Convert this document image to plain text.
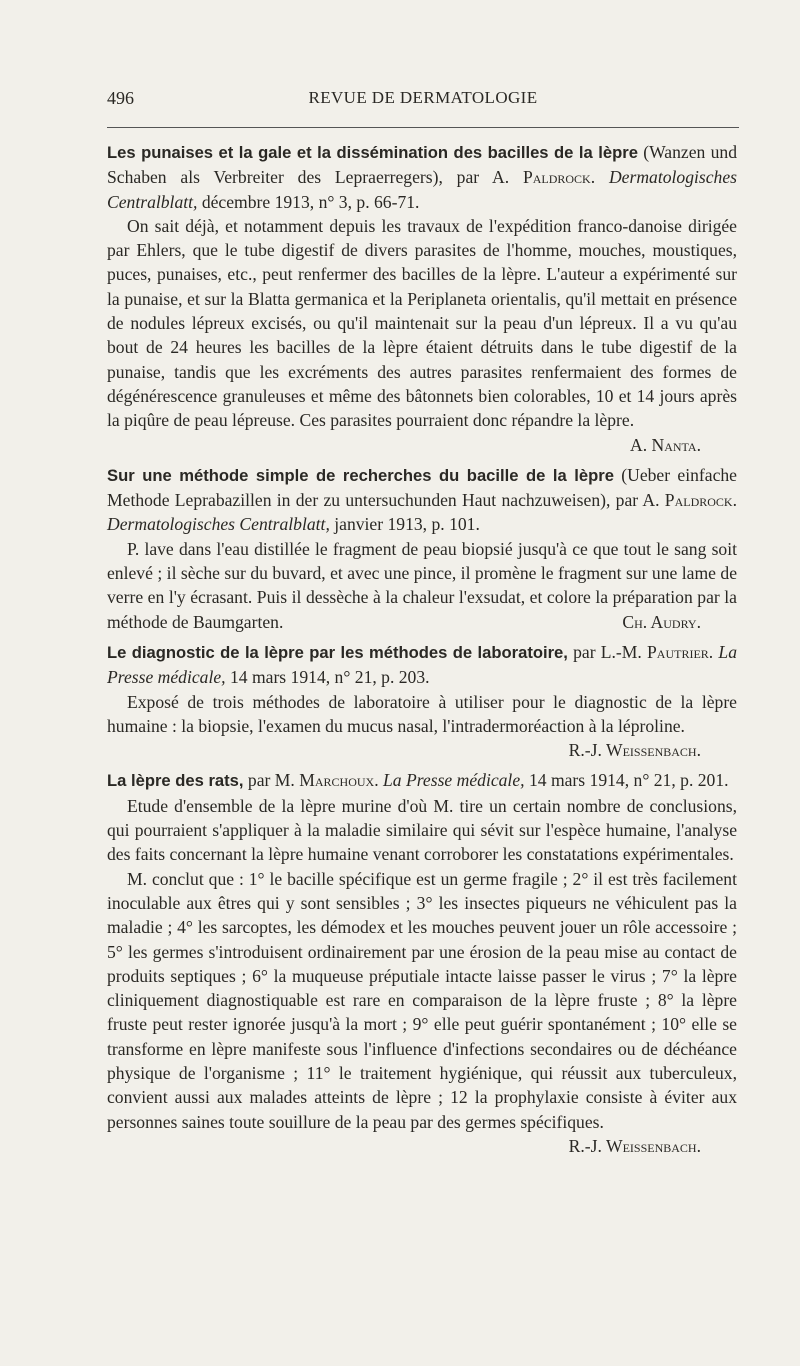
496	REVUE DE DERMATOLOGIE

Les punaises et la gale et la dissémination des bacilles de la lèpre (Wanzen und Schaben als Verbreiter des Lepraerregers), par A. Paldrock. Dermatologisches Centralblatt, décembre 1913, n° 3, p. 66-71.

On sait déjà, et notamment depuis les travaux de l'expédition franco-danoise dirigée par Ehlers, que le tube digestif de divers parasites de l'homme, mouches, moustiques, puces, punaises, etc., peut renfermer des bacilles de la lèpre. L'auteur a expérimenté sur la punaise, et sur la Blatta germanica et la Periplaneta orientalis, qu'il mettait en présence de nodules lépreux excisés, ou qu'il maintenait sur la peau d'un lépreux. Il a vu qu'au bout de 24 heures les bacilles de la lèpre étaient détruits dans le tube digestif de la punaise, tandis que les excréments des autres parasites renfermaient des formes de dégénérescence granuleuses et même des bâtonnets bien colorables, 10 et 14 jours après la piqûre de peau lépreuse. Ces parasites pourraient donc répandre la lèpre.
A. Nanta.

Sur une méthode simple de recherches du bacille de la lèpre (Ueber einfache Methode Leprabazillen in der zu untersuchunden Haut nachzuweisen), par A. Paldrock. Dermatologisches Centralblatt, janvier 1913, p. 101.

P. lave dans l'eau distillée le fragment de peau biopsié jusqu'à ce que tout le sang soit enlevé ; il sèche sur du buvard, et avec une pince, il promène le fragment sur une lame de verre en l'y écrasant. Puis il dessèche à la chaleur l'exsudat, et colore la préparation par la méthode de Baumgarten.	Ch. Audry.

Le diagnostic de la lèpre par les méthodes de laboratoire, par L.-M. Pautrier. La Presse médicale, 14 mars 1914, n° 21, p. 203.

Exposé de trois méthodes de laboratoire à utiliser pour le diagnostic de la lèpre humaine : la biopsie, l'examen du mucus nasal, l'intradermoréaction à la léproline.
R.-J. Weissenbach.

La lèpre des rats, par M. Marchoux. La Presse médicale, 14 mars 1914, n° 21, p. 201.

Etude d'ensemble de la lèpre murine d'où M. tire un certain nombre de conclusions, qui pourraient s'appliquer à la maladie similaire qui sévit sur l'espèce humaine, l'analyse des faits concernant la lèpre humaine venant corroborer les constatations expérimentales.

M. conclut que : 1° le bacille spécifique est un germe fragile ; 2° il est très facilement inoculable aux êtres qui y sont sensibles ; 3° les insectes piqueurs ne véhiculent pas la maladie ; 4° les sarcoptes, les démodex et les mouches peuvent jouer un rôle accessoire ; 5° les germes s'introduisent ordinairement par une érosion de la peau mise au contact de produits septiques ; 6° la muqueuse préputiale intacte laisse passer le virus ; 7° la lèpre cliniquement diagnostiquable est rare en comparaison de la lèpre fruste ; 8° la lèpre fruste peut rester ignorée jusqu'à la mort ; 9° elle peut guérir spontanément ; 10° elle se transforme en lèpre manifeste sous l'influence d'infections secondaires ou de déchéance physique de l'organisme ; 11° le traitement hygiénique, qui réussit aux tuberculeux, convient aussi aux malades atteints de lèpre ; 12 la prophylaxie consiste à éviter aux personnes saines toute souillure de la peau par des germes spécifiques.
R.-J. Weissenbach.
